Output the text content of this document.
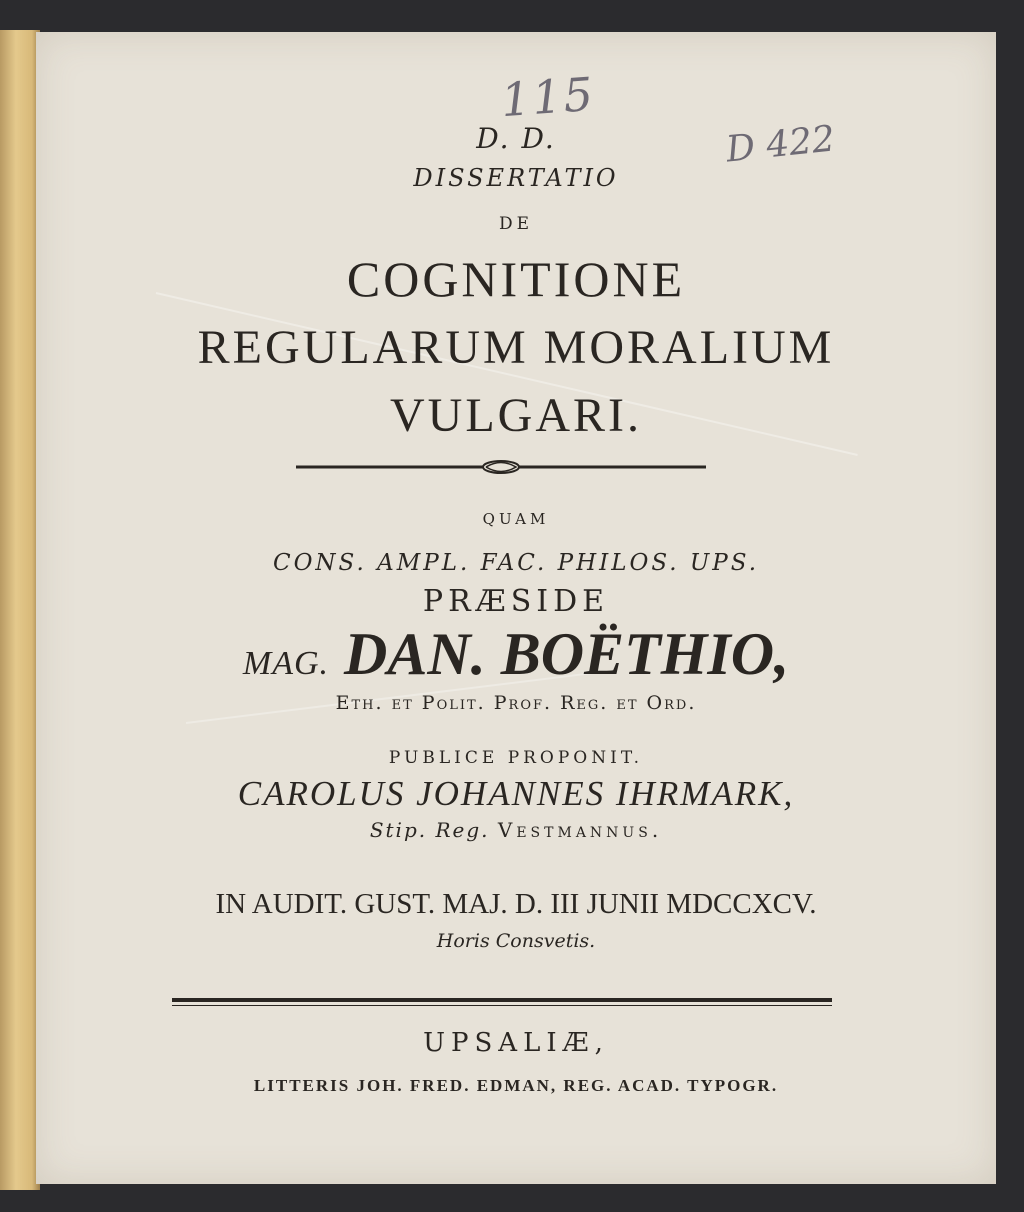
115
D 422
D. D.
DISSERTATIO
DE
COGNITIONE
REGULARUM MORALIUM
VULGARI.
QUAM
CONS. AMPL. FAC. PHILOS. UPS.
PRÆSIDE
MAG. DAN. BOËTHIO,
Eth. et Polit. Prof. Reg. et Ord.
PUBLICE PROPONIT.
CAROLUS JOHANNES IHRMARK,
Stip. Reg. Vestmannus.
IN AUDIT. GUST. MAJ. D. III JUNII MDCCXCV.
Horis Consvetis.
UPSALIÆ,
LITTERIS JOH. FRED. EDMAN, REG. ACAD. TYPOGR.
